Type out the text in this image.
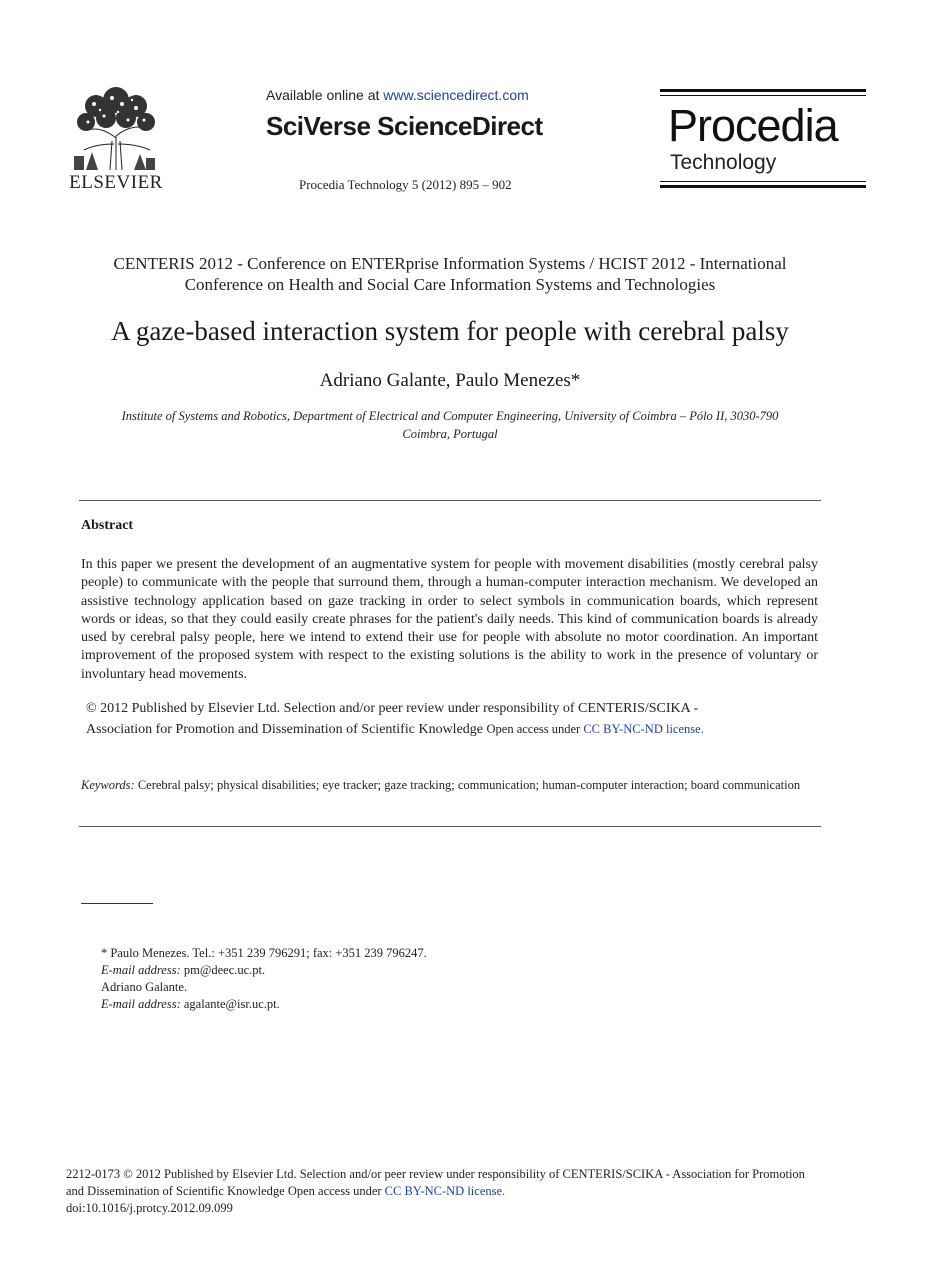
ELSEVIER
Available online at www.sciencedirect.com
SciVerse ScienceDirect
Procedia Technology 5 (2012) 895 – 902
Procedia
Technology
CENTERIS 2012 - Conference on ENTERprise Information Systems / HCIST 2012 - International
Conference on Health and Social Care Information Systems and Technologies
A gaze-based interaction system for people with cerebral palsy
Adriano Galante, Paulo Menezes*
Institute of Systems and Robotics, Department of Electrical and Computer Engineering, University of Coimbra – Pólo II, 3030-790
Coimbra, Portugal
Abstract
In this paper we present the development of an augmentative system for people with movement disabilities (mostly cerebral palsy people) to communicate with the people that surround them, through a human-computer interaction mechanism. We developed an assistive technology application based on gaze tracking in order to select symbols in communication boards, which represent words or ideas, so that they could easily create phrases for the patient's daily needs. This kind of communication boards is already used by cerebral palsy people, here we intend to extend their use for people with absolute no motor coordination. An important improvement of the proposed system with respect to the existing solutions is the ability to work in the presence of voluntary or involuntary head movements.
© 2012 Published by Elsevier Ltd. Selection and/or peer review under responsibility of CENTERIS/SCIKA -
Association for Promotion and Dissemination of Scientific Knowledge Open access under CC BY-NC-ND license.
Keywords: Cerebral palsy; physical disabilities; eye tracker; gaze tracking; communication; human-computer interaction; board communication
* Paulo Menezes. Tel.: +351 239 796291; fax: +351 239 796247.
E-mail address: pm@deec.uc.pt.
Adriano Galante.
E-mail address: agalante@isr.uc.pt.
2212-0173 © 2012 Published by Elsevier Ltd. Selection and/or peer review under responsibility of CENTERIS/SCIKA - Association for Promotion
and Dissemination of Scientific Knowledge Open access under CC BY-NC-ND license.
doi:10.1016/j.protcy.2012.09.099
